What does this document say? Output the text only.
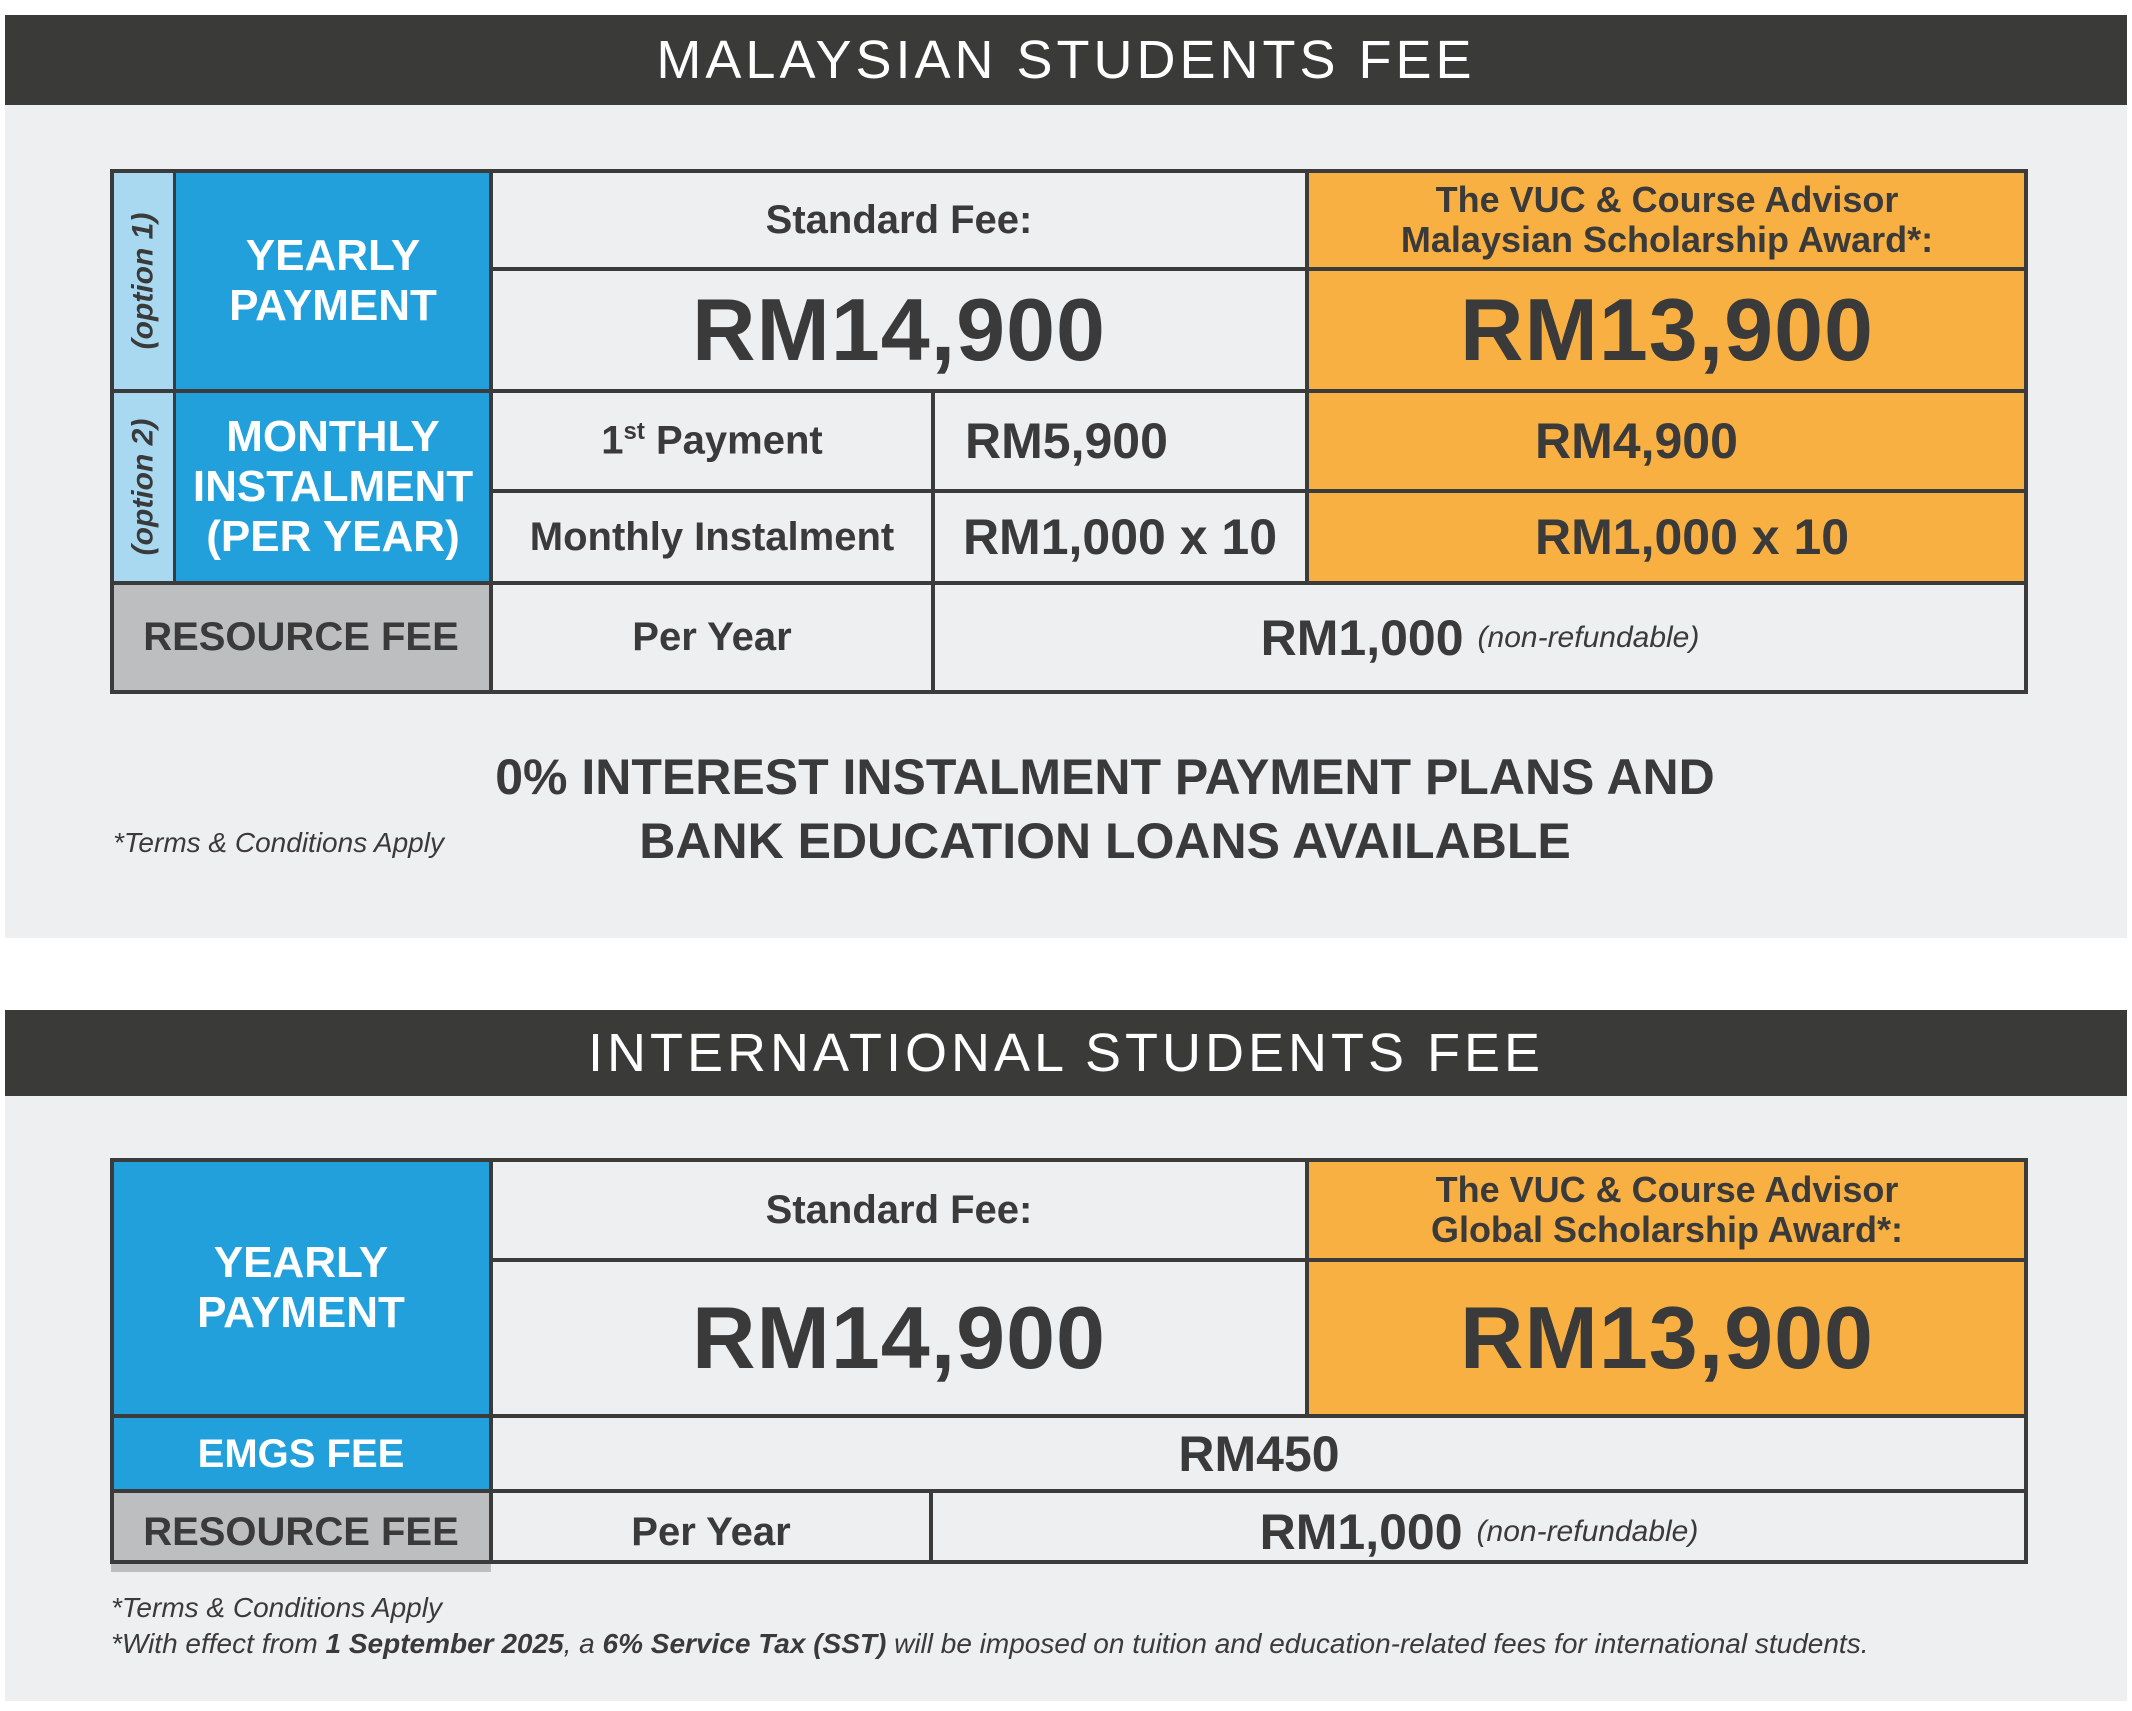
MALAYSIAN STUDENTS FEE
(option 1) YEARLY
PAYMENT
Standard Fee:	The VUC & Course Advisor
Malaysian Scholarship Award*:
RM14,900	RM13,900
(option 2) MONTHLY
INSTALMENT
(PER YEAR)
1st Payment	RM5,900	RM4,900
Monthly Instalment RM1,000 x 10	RM1,000 x 10
RESOURCE FEE	Per Year	RM1,000 (non-refundable)
*Terms & Conditions Apply
0% INTEREST INSTALMENT PAYMENT PLANS AND
BANK EDUCATION LOANS AVAILABLE
INTERNATIONAL STUDENTS FEE
YEARLY
PAYMENT
Standard Fee:	The VUC & Course Advisor
Global Scholarship Award*:
RM14,900	RM13,900
EMGS FEE	RM450
RESOURCE FEE	Per Year	RM1,000 (non-refundable)
*Terms & Conditions Apply
*With effect from 1 September 2025, a 6% Service Tax (SST) will be imposed on tuition and education-related fees for international students.
